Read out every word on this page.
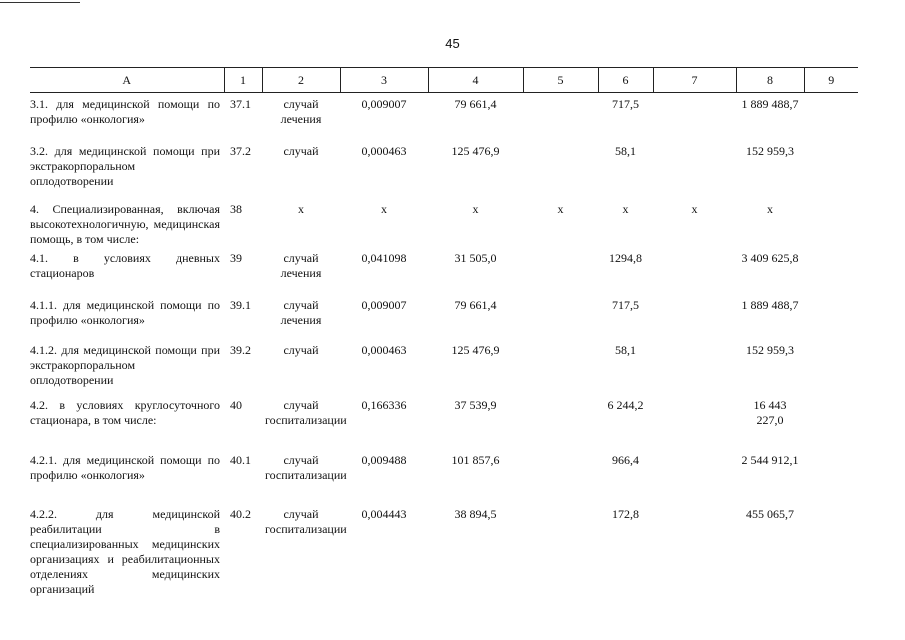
45
А	1	2	3	4	5	6	7	8	9
3.1. для медицинской помощи по профилю «онкология»	37.1	случай лечения	0,009007	79 661,4		717,5		1 889 488,7	
3.2. для медицинской помощи при экстракорпоральном оплодотворении	37.2	случай	0,000463	125 476,9		58,1		152 959,3	
4. Специализированная, включая высокотехнологичную, медицинская помощь, в том числе:	38	x	x	x	x	x	x	x	
4.1. в условиях дневных стационаров	39	случай лечения	0,041098	31 505,0		1294,8		3 409 625,8	
4.1.1. для медицинской помощи по профилю «онкология»	39.1	случай лечения	0,009007	79 661,4		717,5		1 889 488,7	
4.1.2. для медицинской помощи при экстракорпоральном оплодотворении	39.2	случай	0,000463	125 476,9		58,1		152 959,3	
4.2. в условиях круглосуточного стационара, в том числе:	40	случай госпитализации	0,166336	37 539,9		6 244,2		16 443 227,0	
4.2.1. для медицинской помощи по профилю «онкология»	40.1	случай госпитализации	0,009488	101 857,6		966,4		2 544 912,1	
4.2.2. для медицинской реабилитации в специализированных медицинских организациях и реабилитационных отделениях медицинских организаций	40.2	случай госпитализации	0,004443	38 894,5		172,8		455 065,7	
